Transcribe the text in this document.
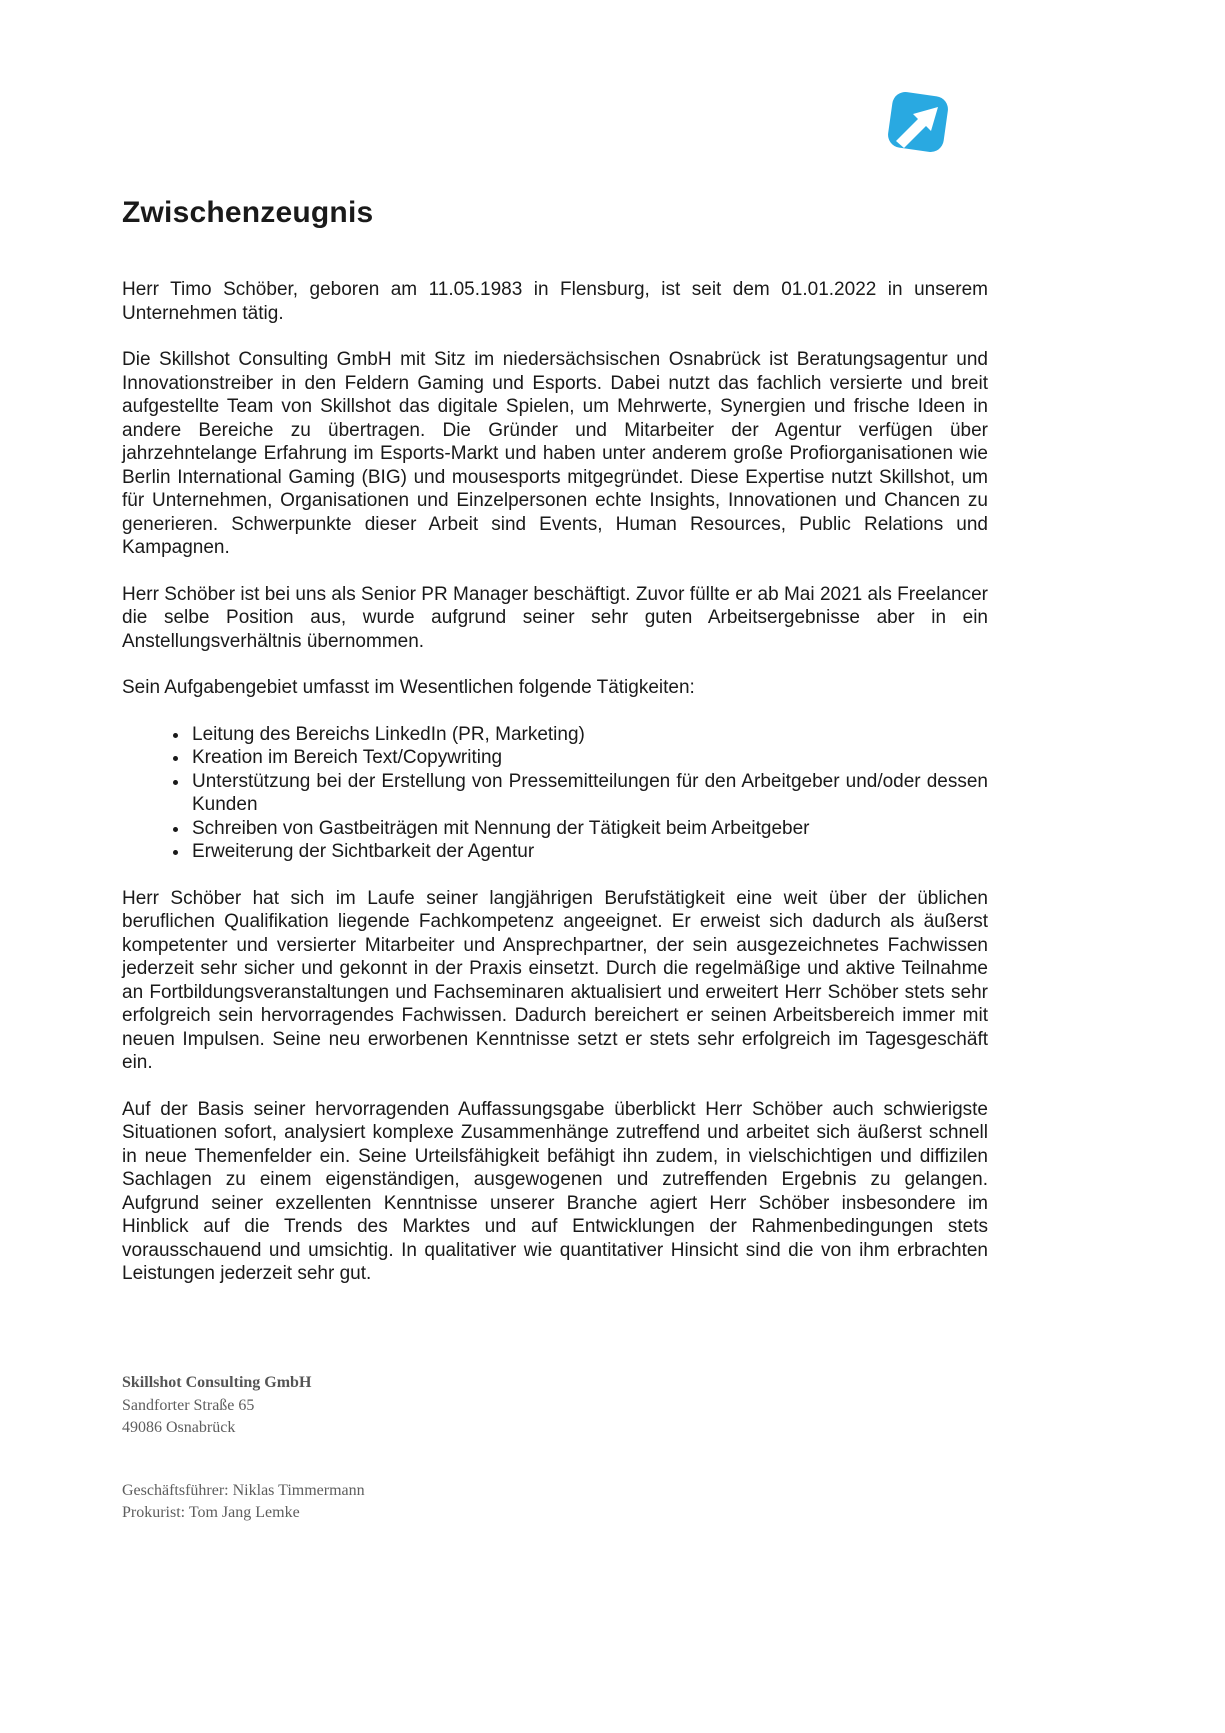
Zwischenzeugnis

Herr Timo Schöber, geboren am 11.05.1983 in Flensburg, ist seit dem 01.01.2022 in unserem Unternehmen tätig.

Die Skillshot Consulting GmbH mit Sitz im niedersächsischen Osnabrück ist Beratungsagentur und Innovationstreiber in den Feldern Gaming und Esports. Dabei nutzt das fachlich versierte und breit aufgestellte Team von Skillshot das digitale Spielen, um Mehrwerte, Synergien und frische Ideen in andere Bereiche zu übertragen. Die Gründer und Mitarbeiter der Agentur verfügen über jahrzehntelange Erfahrung im Esports-Markt und haben unter anderem große Profiorganisationen wie Berlin International Gaming (BIG) und mousesports mitgegründet. Diese Expertise nutzt Skillshot, um für Unternehmen, Organisationen und Einzelpersonen echte Insights, Innovationen und Chancen zu generieren. Schwerpunkte dieser Arbeit sind Events, Human Resources, Public Relations und Kampagnen.

Herr Schöber ist bei uns als Senior PR Manager beschäftigt. Zuvor füllte er ab Mai 2021 als Freelancer die selbe Position aus, wurde aufgrund seiner sehr guten Arbeitsergebnisse aber in ein Anstellungsverhältnis übernommen.

Sein Aufgabengebiet umfasst im Wesentlichen folgende Tätigkeiten:

• Leitung des Bereichs LinkedIn (PR, Marketing)
• Kreation im Bereich Text/Copywriting
• Unterstützung bei der Erstellung von Pressemitteilungen für den Arbeitgeber und/oder dessen Kunden
• Schreiben von Gastbeiträgen mit Nennung der Tätigkeit beim Arbeitgeber
• Erweiterung der Sichtbarkeit der Agentur

Herr Schöber hat sich im Laufe seiner langjährigen Berufstätigkeit eine weit über der üblichen beruflichen Qualifikation liegende Fachkompetenz angeeignet. Er erweist sich dadurch als äußerst kompetenter und versierter Mitarbeiter und Ansprechpartner, der sein ausgezeichnetes Fachwissen jederzeit sehr sicher und gekonnt in der Praxis einsetzt. Durch die regelmäßige und aktive Teilnahme an Fortbildungsveranstaltungen und Fachseminaren aktualisiert und erweitert Herr Schöber stets sehr erfolgreich sein hervorragendes Fachwissen. Dadurch bereichert er seinen Arbeitsbereich immer mit neuen Impulsen. Seine neu erworbenen Kenntnisse setzt er stets sehr erfolgreich im Tagesgeschäft ein.

Auf der Basis seiner hervorragenden Auffassungsgabe überblickt Herr Schöber auch schwierigste Situationen sofort, analysiert komplexe Zusammenhänge zutreffend und arbeitet sich äußerst schnell in neue Themenfelder ein. Seine Urteilsfähigkeit befähigt ihn zudem, in vielschichtigen und diffizilen Sachlagen zu einem eigenständigen, ausgewogenen und zutreffenden Ergebnis zu gelangen. Aufgrund seiner exzellenten Kenntnisse unserer Branche agiert Herr Schöber insbesondere im Hinblick auf die Trends des Marktes und auf Entwicklungen der Rahmenbedingungen stets vorausschauend und umsichtig. In qualitativer wie quantitativer Hinsicht sind die von ihm erbrachten Leistungen jederzeit sehr gut.

Skillshot Consulting GmbH
Sandforter Straße 65
49086 Osnabrück
Geschäftsführer: Niklas Timmermann
Prokurist: Tom Jang Lemke
